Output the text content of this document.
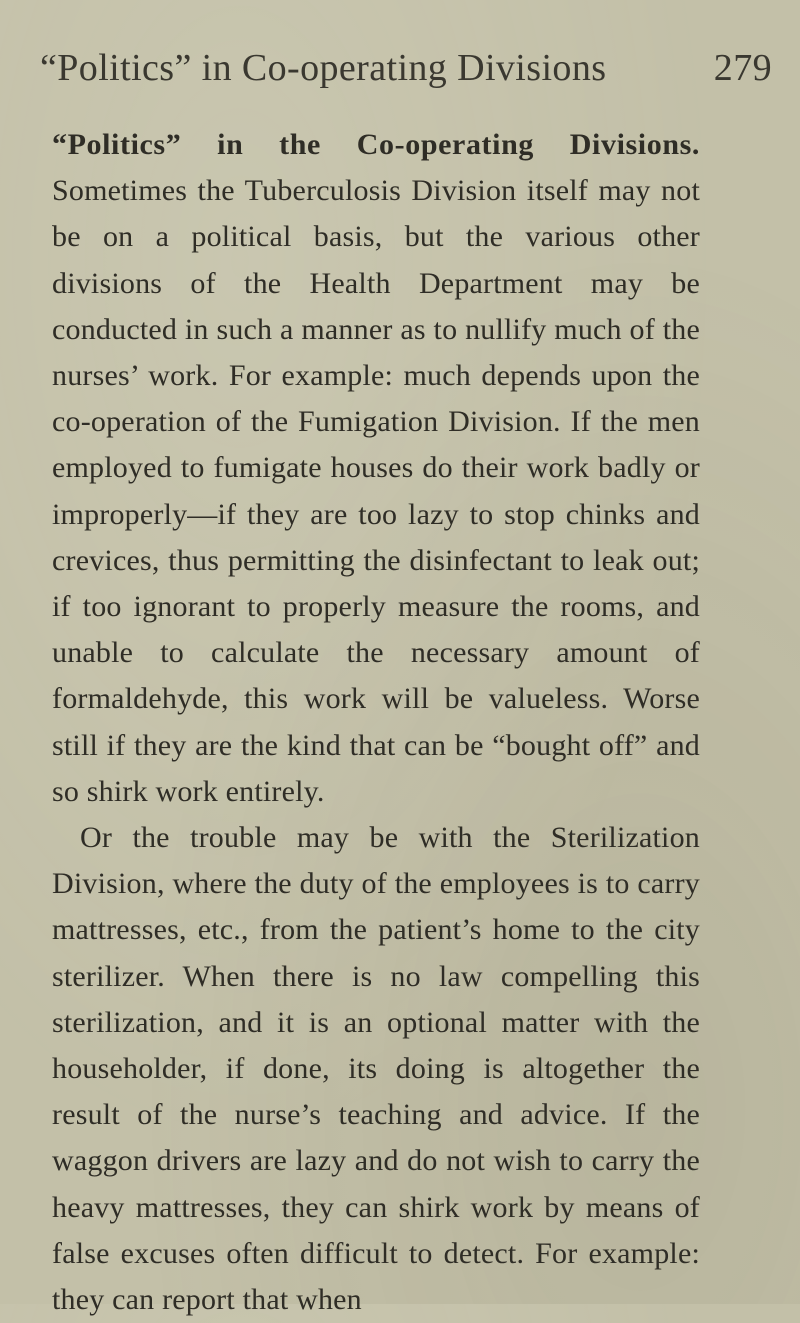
“Politics” in Co-operating Divisions	279

“Politics” in the Co-operating Divisions. Sometimes the Tuberculosis Division itself may not be on a political basis, but the various other divisions of the Health Department may be conducted in such a manner as to nullify much of the nurses’ work. For example: much depends upon the co-operation of the Fumigation Division. If the men employed to fumigate houses do their work badly or improperly—if they are too lazy to stop chinks and crevices, thus permitting the disinfectant to leak out; if too ignorant to properly measure the rooms, and unable to calculate the necessary amount of formaldehyde, this work will be valueless. Worse still if they are the kind that can be “bought off” and so shirk work entirely.

Or the trouble may be with the Sterilization Division, where the duty of the employees is to carry mattresses, etc., from the patient’s home to the city sterilizer. When there is no law compelling this sterilization, and it is an optional matter with the householder, if done, its doing is altogether the result of the nurse’s teaching and advice. If the waggon drivers are lazy and do not wish to carry the heavy mattresses, they can shirk work by means of false excuses often difficult to detect. For example: they can report that when
